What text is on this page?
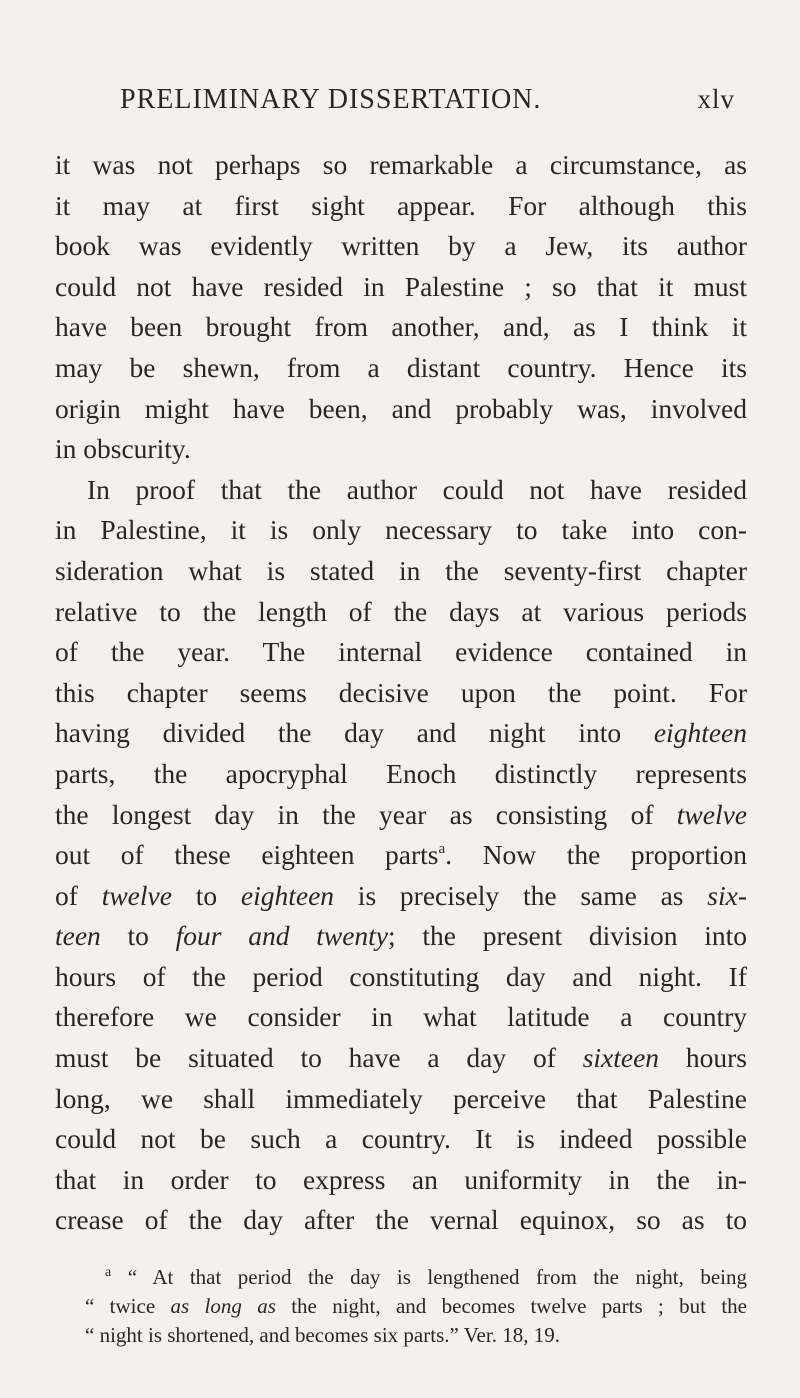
PRELIMINARY DISSERTATION.	xlv
it was not perhaps so remarkable a circumstance, as
it may at first sight appear. For although this
book was evidently written by a Jew, its author
could not have resided in Palestine ; so that it must
have been brought from another, and, as I think it
may be shewn, from a distant country. Hence its
origin might have been, and probably was, involved
in obscurity.
In proof that the author could not have resided
in Palestine, it is only necessary to take into con-
sideration what is stated in the seventy-first chapter
relative to the length of the days at various periods
of the year. The internal evidence contained in
this chapter seems decisive upon the point. For
having divided the day and night into eighteen
parts, the apocryphal Enoch distinctly represents
the longest day in the year as consisting of twelve
out of these eighteen parts$^a$. Now the proportion
of twelve to eighteen is precisely the same as six-
teen to four and twenty; the present division into
hours of the period constituting day and night. If
therefore we consider in what latitude a country
must be situated to have a day of sixteen hours
long, we shall immediately perceive that Palestine
could not be such a country. It is indeed possible
that in order to express an uniformity in the in-
crease of the day after the vernal equinox, so as to
$^a$ “ At that period the day is lengthened from the night, being
“ twice as long as the night, and becomes twelve parts ; but the
“ night is shortened, and becomes six parts.” Ver. 18, 19.
